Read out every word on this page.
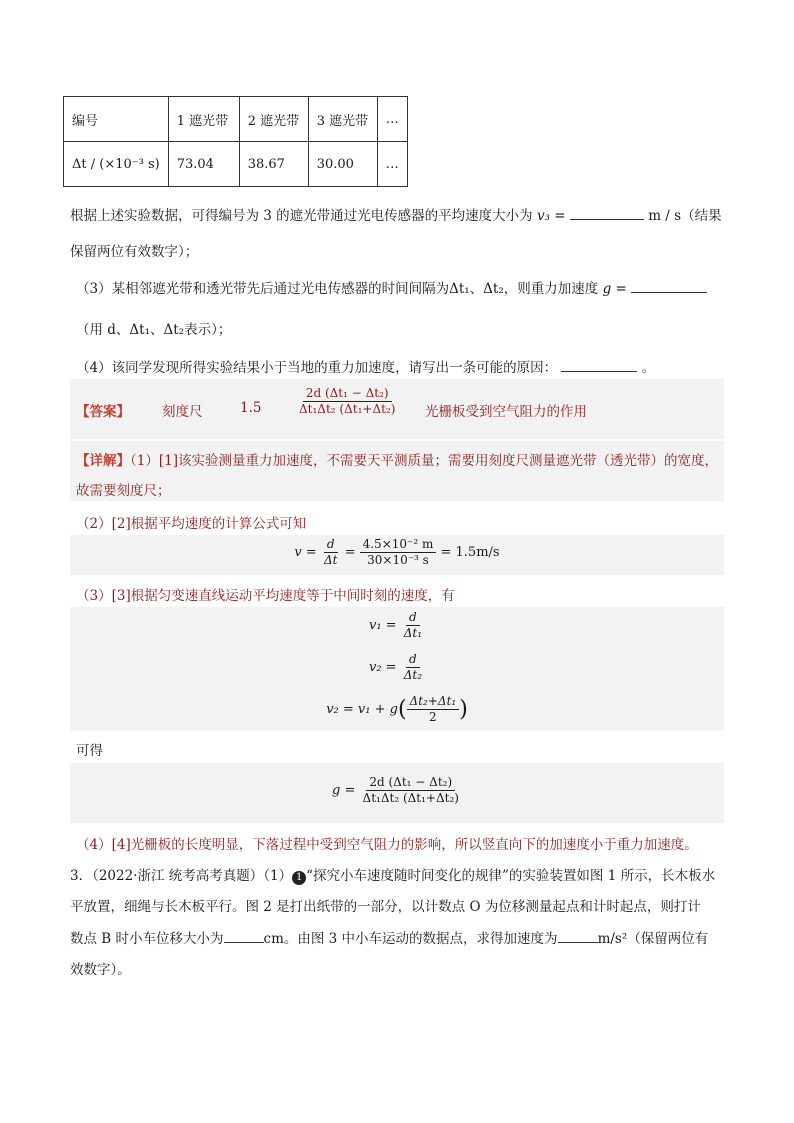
编号	1 遮光带	2 遮光带	3 遮光带	…
Δt / (×10⁻³ s)	73.04	38.67	30.00	…
根据上述实验数据，可得编号为 3 的遮光带通过光电传感器的平均速度大小为 v₃ =	m / s（结果
保留两位有效数字）；
（3）某相邻遮光带和透光带先后通过光电传感器的时间间隔为Δt₁、Δt₂，则重力加速度 g =
（用 d、Δt₁、Δt₂表示）；
（4）该同学发现所得实验结果小于当地的重力加速度，请写出一条可能的原因：	。
【答案】 刻度尺	1.5	$\frac{\text{2d (Δt₁ − Δt₂)}}{\text{Δt₁Δt₂ (Δt₁+Δt₂)}}$ 光栅板受到空气阻力的作用
【详解】（1）[1]该实验测量重力加速度，不需要天平测质量；需要用刻度尺测量遮光带（透光带）的宽度，
故需要刻度尺；
（2）[2]根据平均速度的计算公式可知
$v = \frac{d}{\Delta t} = \frac{\text{4.5×10⁻² m}}{\text{30×10⁻³ s}} = 1.5m/s$
（3）[3]根据匀变速直线运动平均速度等于中间时刻的速度，有
$v_1 = \frac{d}{\text{Δt₁}}$
$v_2 = \frac{d}{\text{Δt₂}}$
$v_2 = v_1 + g( \frac{\text{Δt₂+Δt₁}}{2}$ )
可得
$g = \frac{\text{2d (Δt₁ − Δt₂)}}{\text{Δt₁Δt₂ (Δt₁+Δt₂)}}$
（4）[4]光栅板的长度明显，下落过程中受到空气阻力的影响，所以竖直向下的加速度小于重力加速度。
3．（2022·浙江 统考高考真题）（1） 1 “探究小车速度随时间变化的规律”的实验装置如图 1 所示，长木板水
平放置，细绳与长木板平行。图 2 是打出纸带的一部分，以计数点 O 为位移测量起点和计时起点，则打计
数点 B 时小车位移大小为	cm。由图 3 中小车运动的数据点，求得加速度为	m/s²（保留两位有
效数字）。
